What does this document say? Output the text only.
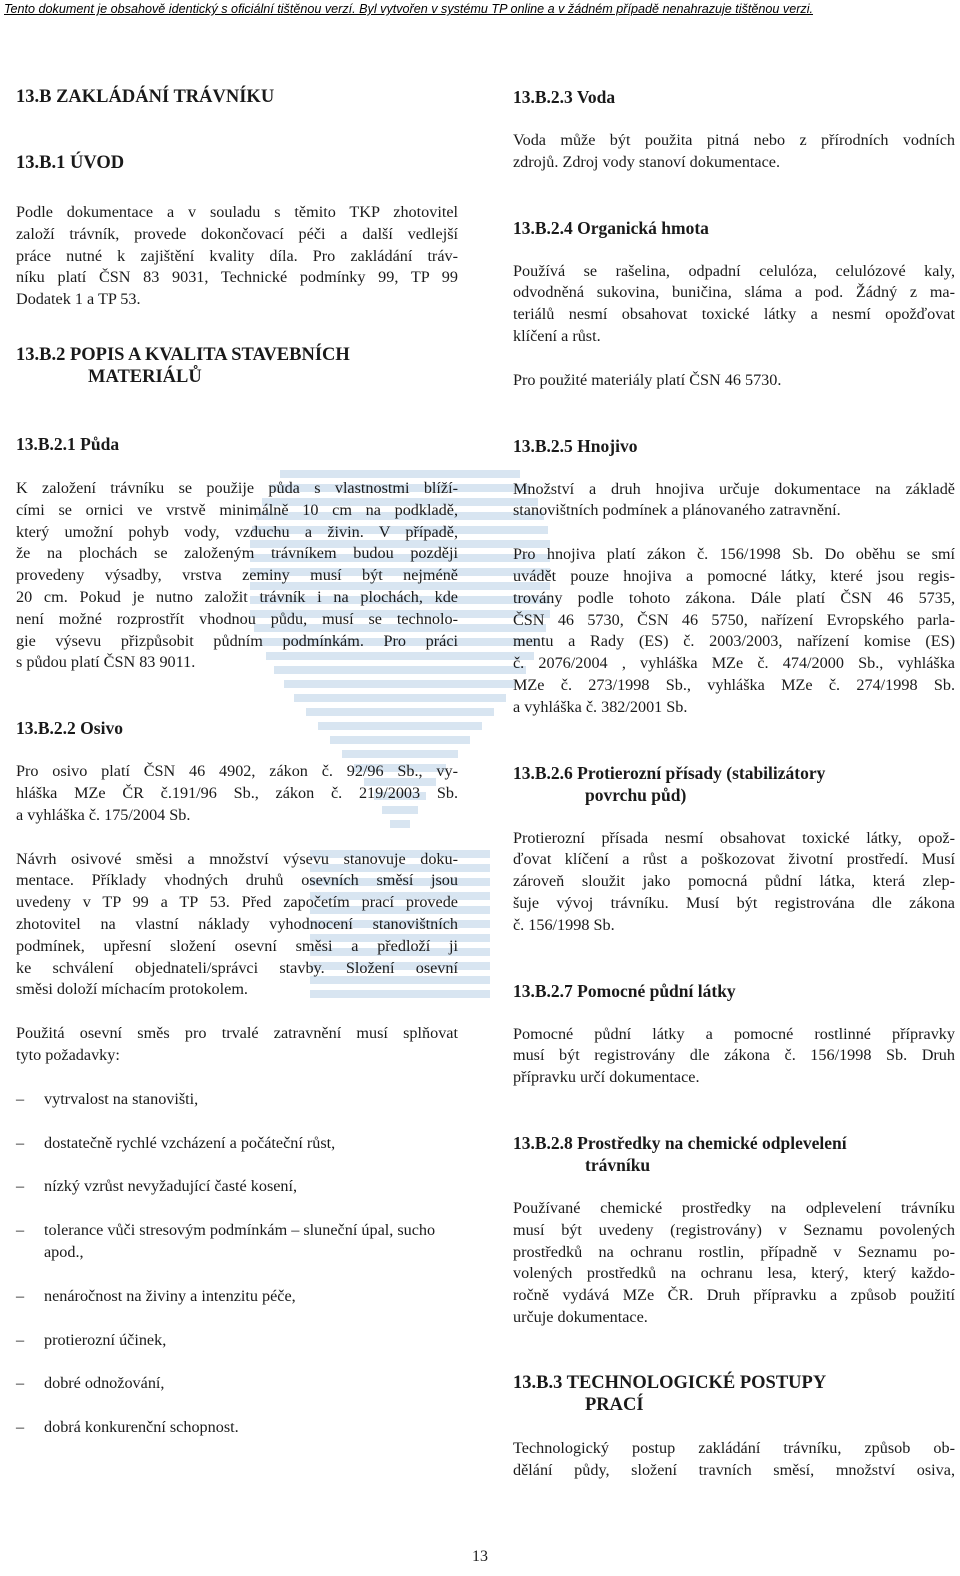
Tento dokument je obsahově identický s oficiální tištěnou verzí. Byl vytvořen v systému TP online a v žádném případě nenahrazuje tištěnou verzi.
13.B ZAKLÁDÁNÍ TRÁVNÍKU
13.B.1 ÚVOD
Podle dokumentace a v souladu s těmito TKP zhotovitel
založí trávník, provede dokončovací péči a další vedlejší
práce nutné k zajištění kvality díla. Pro zakládání tráv-
níku platí ČSN 83 9031, Technické podmínky 99, TP 99
Dodatek 1 a TP 53.
13.B.2 POPIS A KVALITA STAVEBNÍCH
MATERIÁLŮ
13.B.2.1 Půda
K založení trávníku se použije půda s vlastnostmi blíží-
cími se ornici ve vrstvě minimálně 10 cm na podkladě,
který umožní pohyb vody, vzduchu a živin. V případě,
že na plochách se založeným trávníkem budou později
provedeny výsadby, vrstva zeminy musí být nejméně
20 cm. Pokud je nutno založit trávník i na plochách, kde
není možné rozprostřít vhodnou půdu, musí se technolo-
gie výsevu přizpůsobit půdním podmínkám. Pro práci
s půdou platí ČSN 83 9011.
13.B.2.2 Osivo
Pro osivo platí ČSN 46 4902, zákon č. 92/96 Sb., vy-
hláška MZe ČR č.191/96 Sb., zákon č. 219/2003 Sb.
a vyhláška č. 175/2004 Sb.
Návrh osivové směsi a množství výsevu stanovuje doku-
mentace. Příklady vhodných druhů osevních směsí jsou
uvedeny v TP 99 a TP 53. Před započetím prací provede
zhotovitel na vlastní náklady vyhodnocení stanovištních
podmínek, upřesní složení osevní směsi a předloží ji
ke schválení objednateli/správci stavby. Složení osevní
směsi doloží míchacím protokolem.
Použitá osevní směs pro trvalé zatravnění musí splňovat
tyto požadavky:
–	vytrvalost na stanovišti,
–	dostatečně rychlé vzcházení a počáteční růst,
–	nízký vzrůst nevyžadující časté kosení,
–	tolerance vůči stresovým podmínkám – sluneční úpal, sucho apod.,
–	nenáročnost na živiny a intenzitu péče,
–	protierozní účinek,
–	dobré odnožování,
–	dobrá konkurenční schopnost.
13.B.2.3 Voda
Voda může být použita pitná nebo z přírodních vodních
zdrojů. Zdroj vody stanoví dokumentace.
13.B.2.4 Organická hmota
Používá se rašelina, odpadní celulóza, celulózové kaly,
odvodněná sukovina, buničina, sláma a pod. Žádný z ma-
teriálů nesmí obsahovat toxické látky a nesmí opožďovat
klíčení a růst.
Pro použité materiály platí ČSN 46 5730.
13.B.2.5 Hnojivo
Množství a druh hnojiva určuje dokumentace na základě
stanovištních podmínek a plánovaného zatravnění.
Pro hnojiva platí zákon č. 156/1998 Sb. Do oběhu se smí
uvádět pouze hnojiva a pomocné látky, které jsou regis-
trovány podle tohoto zákona. Dále platí ČSN 46 5735,
ČSN 46 5730, ČSN 46 5750, nařízení Evropského parla-
mentu a Rady (ES) č. 2003/2003, nařízení komise (ES)
č. 2076/2004 , vyhláška MZe č. 474/2000 Sb., vyhláška
MZe č. 273/1998 Sb., vyhláška MZe č. 274/1998 Sb.
a vyhláška č. 382/2001 Sb.
13.B.2.6 Protierozní přísady (stabilizátory
povrchu půd)
Protierozní přísada nesmí obsahovat toxické látky, opož-
ďovat klíčení a růst a poškozovat životní prostředí. Musí
zároveň sloužit jako pomocná půdní látka, která zlep-
šuje vývoj trávníku. Musí být registrována dle zákona
č. 156/1998 Sb.
13.B.2.7 Pomocné půdní látky
Pomocné půdní látky a pomocné rostlinné přípravky
musí být registrovány dle zákona č. 156/1998 Sb. Druh
přípravku určí dokumentace.
13.B.2.8 Prostředky na chemické odplevelení
trávníku
Používané chemické prostředky na odplevelení trávníku
musí být uvedeny (registrovány) v Seznamu povolených
prostředků na ochranu rostlin, případně v Seznamu po-
volených prostředků na ochranu lesa, který, který každo-
ročně vydává MZe ČR. Druh přípravku a způsob použití
určuje dokumentace.
13.B.3 TECHNOLOGICKÉ POSTUPY
PRACÍ
Technologický postup zakládání trávníku, způsob ob-
dělání půdy, složení travních směsí, množství osiva,
13
